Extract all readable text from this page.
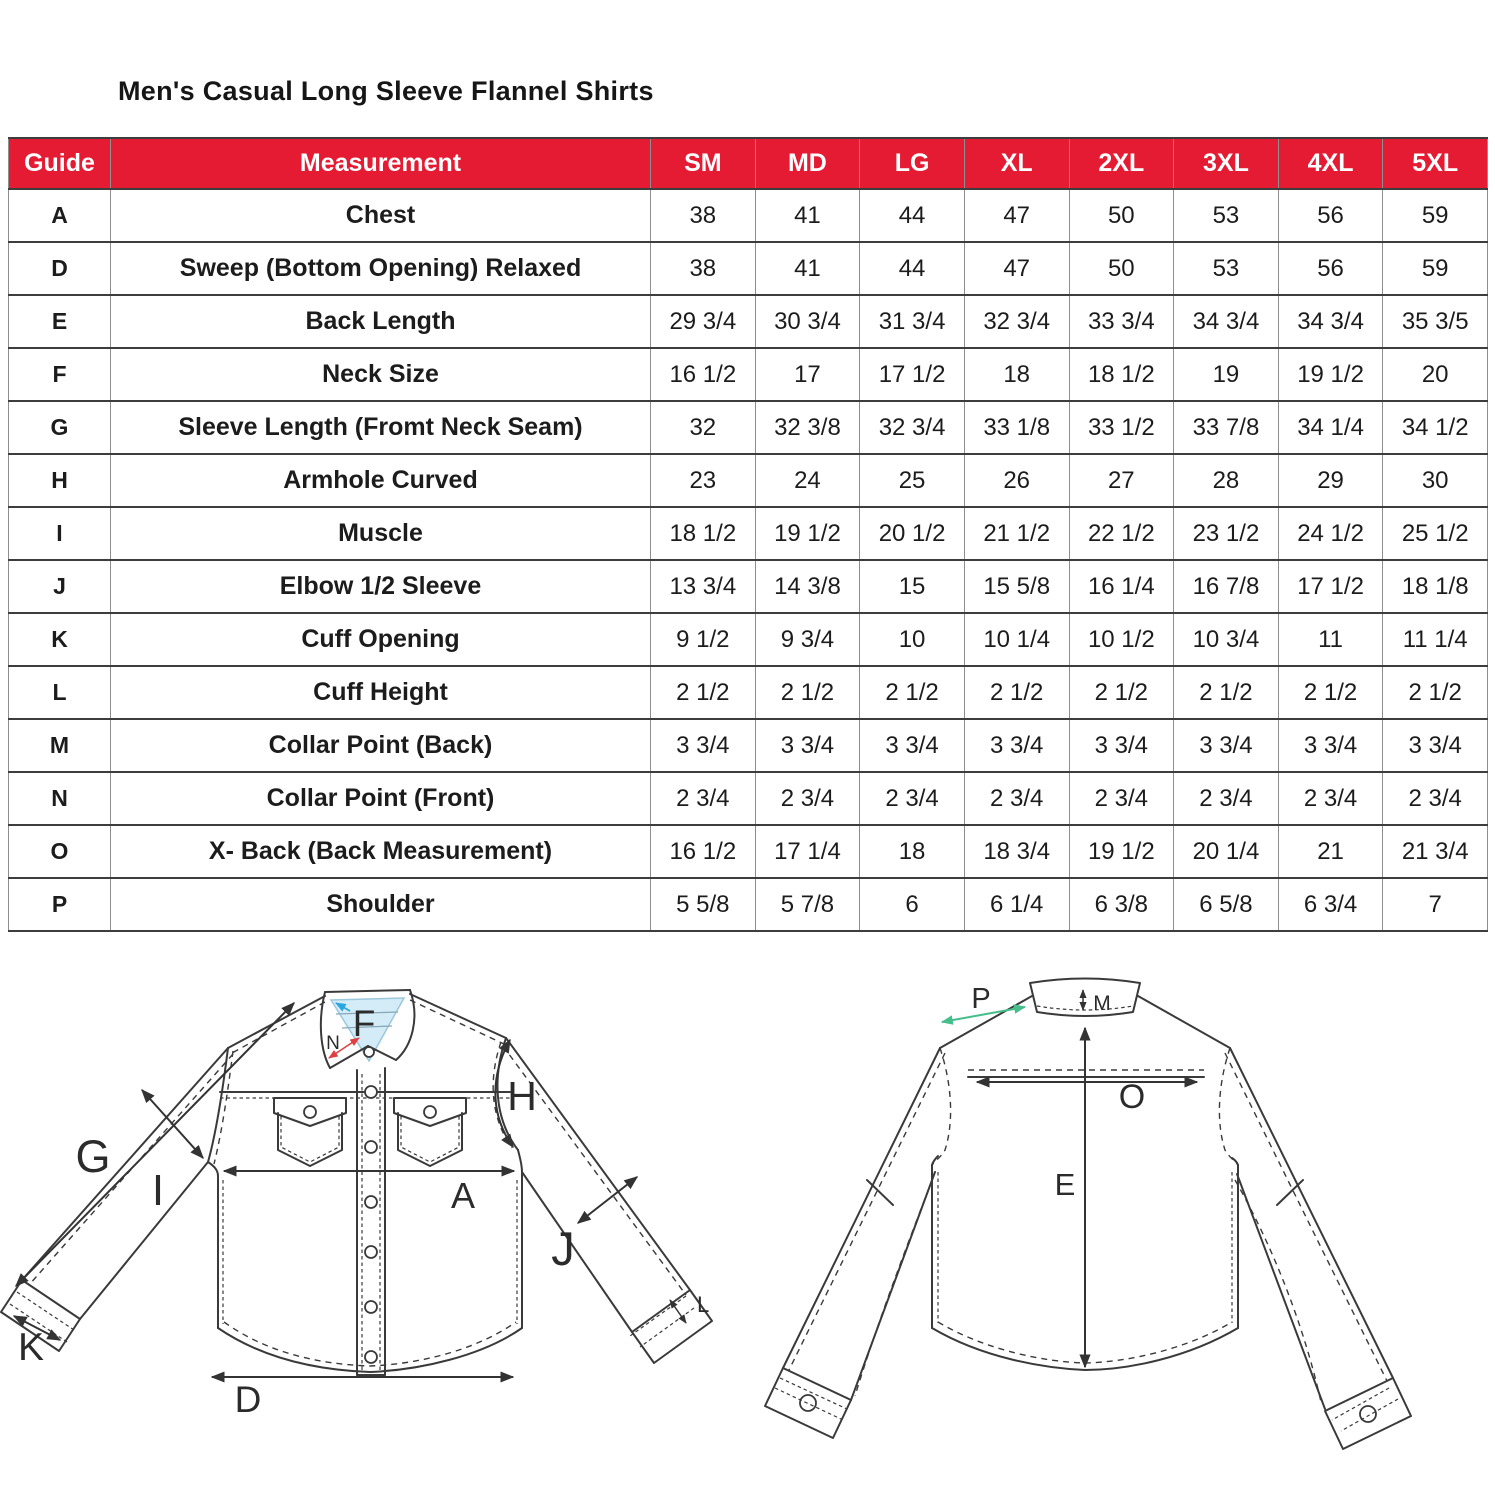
Men's Casual Long Sleeve Flannel Shirts
Guide	Measurement	SM	MD	LG	XL	2XL	3XL	4XL	5XL
A	Chest	38	41	44	47	50	53	56	59
D	Sweep (Bottom Opening) Relaxed	38	41	44	47	50	53	56	59
E	Back Length	29 3/4	30 3/4	31 3/4	32 3/4	33 3/4	34 3/4	34 3/4	35 3/5
F	Neck Size	16 1/2	17	17 1/2	18	18 1/2	19	19 1/2	20
G	Sleeve Length (Fromt Neck Seam)	32	32 3/8	32 3/4	33 1/8	33 1/2	33 7/8	34 1/4	34 1/2
H	Armhole Curved	23	24	25	26	27	28	29	30
I	Muscle	18 1/2	19 1/2	20 1/2	21 1/2	22 1/2	23 1/2	24 1/2	25 1/2
J	Elbow 1/2 Sleeve	13 3/4	14 3/8	15	15 5/8	16 1/4	16 7/8	17 1/2	18 1/8
K	Cuff Opening	9 1/2	9 3/4	10	10 1/4	10 1/2	10 3/4	11	11 1/4
L	Cuff Height	2 1/2	2 1/2	2 1/2	2 1/2	2 1/2	2 1/2	2 1/2	2 1/2
M	Collar Point (Back)	3 3/4	3 3/4	3 3/4	3 3/4	3 3/4	3 3/4	3 3/4	3 3/4
N	Collar Point (Front)	2 3/4	2 3/4	2 3/4	2 3/4	2 3/4	2 3/4	2 3/4	2 3/4
O	X- Back (Back Measurement)	16 1/2	17 1/4	18	18 3/4	19 1/2	20 1/4	21	21 3/4
P	Shoulder	5 5/8	5 7/8	6	6 1/4	6 3/8	6 5/8	6 3/4	7
G
I
F
N
H
A
J
K
L
D
P	M
O
E
